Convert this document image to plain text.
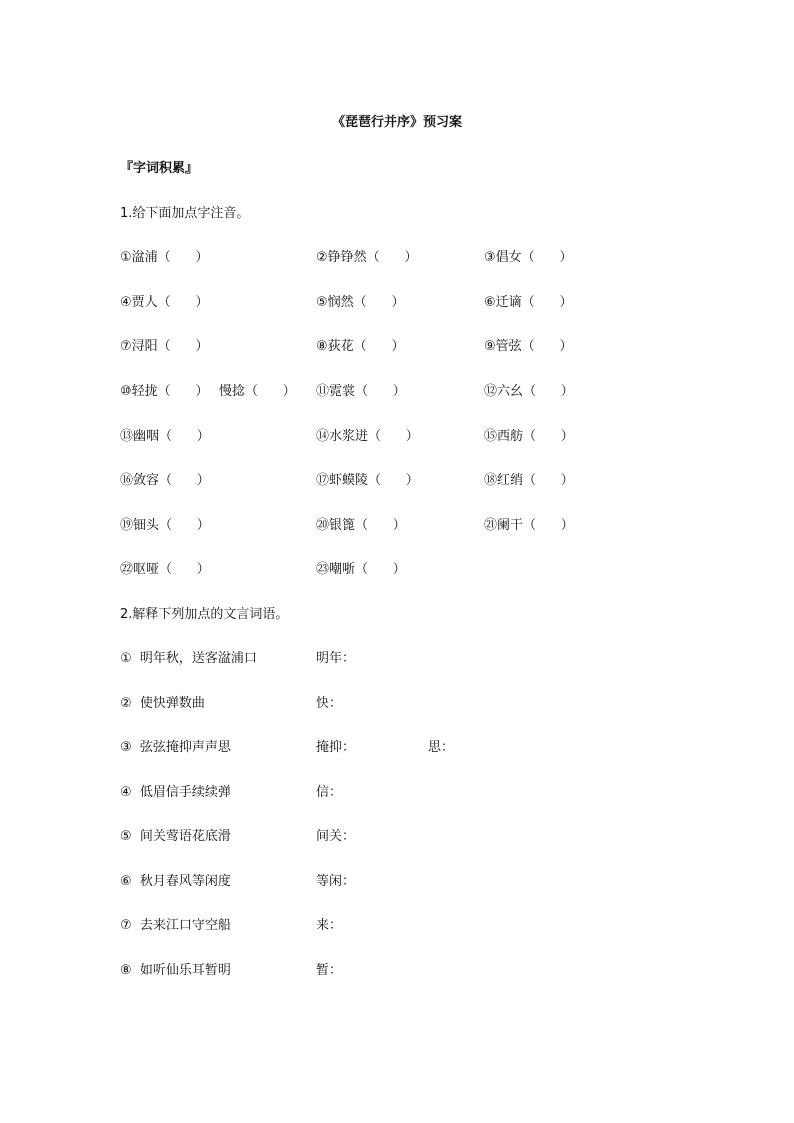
《琵琶行并序》预习案
『字词积累』
1.给下面加点字注音。
①湓浦（      ）	②铮铮然（      ）	③倡女（      ）
④贾人（      ）	⑤悯然（      ）	⑥迁谪（      ）
⑦浔阳（      ）	⑧荻花（      ）	⑨管弦（      ）
⑩轻拢（      ） 慢捻（      ） ⑪霓裳（      ）	⑫六幺（      ）
⑬幽咽（      ）	⑭水浆迸（      ）	⑮西舫（      ）
⑯敛容（      ）	⑰虾蟆陵（      ）	⑱红绡（      ）
⑲钿头（      ）	⑳银篦（      ）	㉑阑干（      ）
㉒呕哑（      ）	㉓嘲哳（      ）
2.解释下列加点的文言词语。
①  明年秋，送客湓浦口	明年：
②  使快弹数曲	快：
③  弦弦掩抑声声思	掩抑：	思：
④  低眉信手续续弹	信：
⑤  间关莺语花底滑	间关：
⑥  秋月春风等闲度	等闲：
⑦  去来江口守空船	来：
⑧  如听仙乐耳暂明	暂：
